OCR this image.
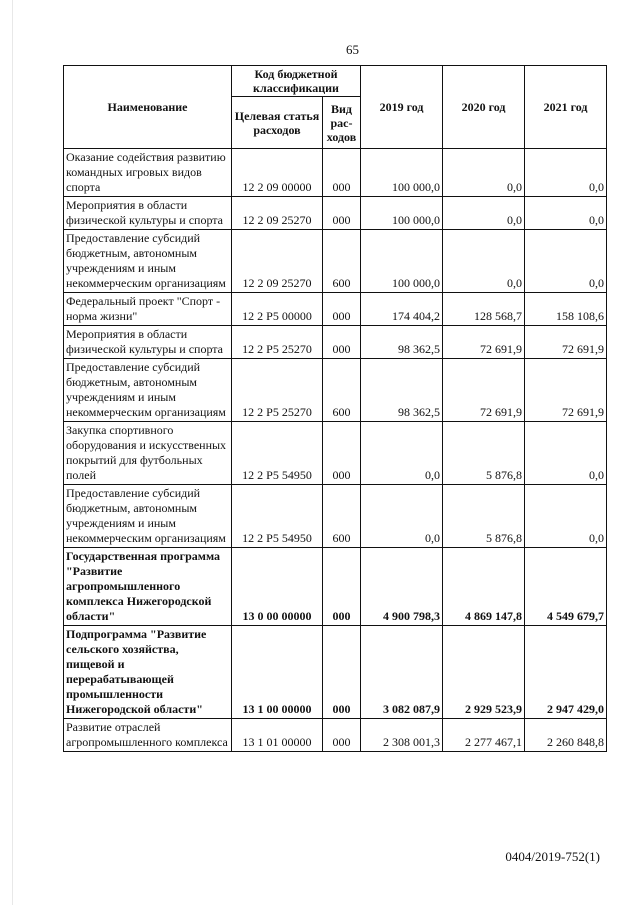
65
Наименование	Код бюджетной классификации		2019 год	2020 год	2021 год
	Целевая статья расходов	Вид рас-ходов			
Оказание содействия развитию командных игровых видов спорта	12 2 09 00000	000	100 000,0	0,0	0,0
Мероприятия в области физической культуры и спорта	12 2 09 25270	000	100 000,0	0,0	0,0
Предоставление субсидий бюджетным, автономным учреждениям и иным некоммерческим организациям	12 2 09 25270	600	100 000,0	0,0	0,0
Федеральный проект "Спорт - норма жизни"	12 2 P5 00000	000	174 404,2	128 568,7	158 108,6
Мероприятия в области физической культуры и спорта	12 2 P5 25270	000	98 362,5	72 691,9	72 691,9
Предоставление субсидий бюджетным, автономным учреждениям и иным некоммерческим организациям	12 2 P5 25270	600	98 362,5	72 691,9	72 691,9
Закупка спортивного оборудования и искусственных покрытий для футбольных полей	12 2 P5 54950	000	0,0	5 876,8	0,0
Предоставление субсидий бюджетным, автономным учреждениям и иным некоммерческим организациям	12 2 P5 54950	600	0,0	5 876,8	0,0
Государственная программа "Развитие агропромышленного комплекса Нижегородской области"	13 0 00 00000	000	4 900 798,3	4 869 147,8	4 549 679,7
Подпрограмма "Развитие сельского хозяйства, пищевой и перерабатывающей промышленности Нижегородской области"	13 1 00 00000	000	3 082 087,9	2 929 523,9	2 947 429,0
Развитие отраслей агропромышленного комплекса	13 1 01 00000	000	2 308 001,3	2 277 467,1	2 260 848,8
0404/2019-752(1)
